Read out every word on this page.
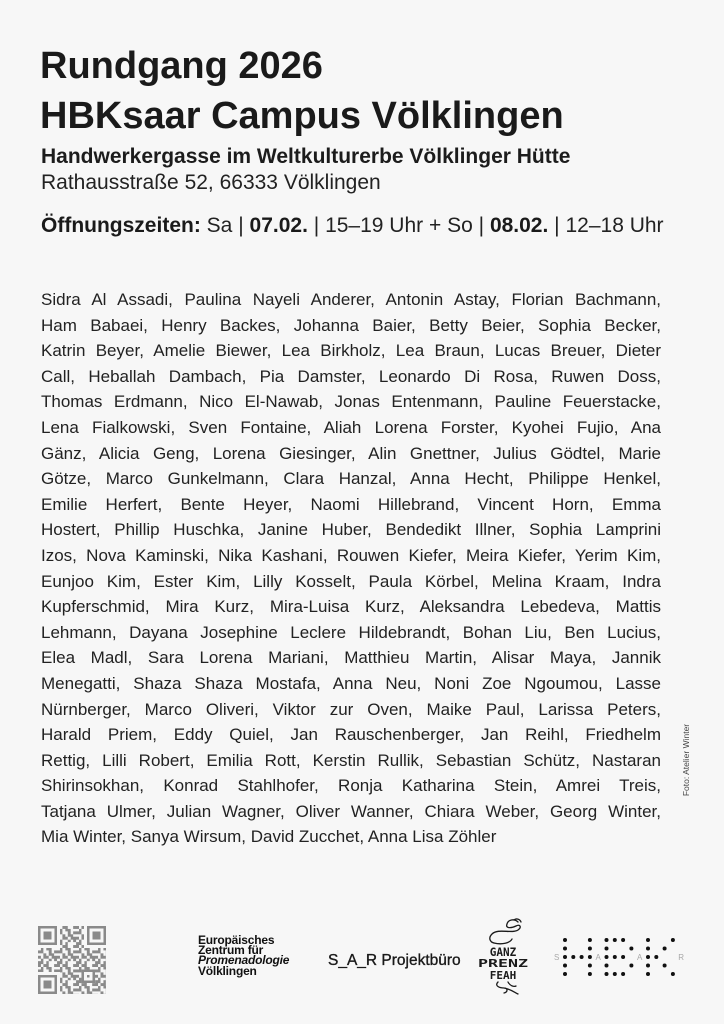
Rundgang 2026
HBKsaar Campus Völklingen
Handwerkergasse im Weltkulturerbe Völklinger Hütte
Rathausstraße 52, 66333 Völklingen
Öffnungszeiten: Sa | 07.02. | 15–19 Uhr + So | 08.02. | 12–18 Uhr
Sidra Al Assadi, Paulina Nayeli Anderer, Antonin Astay, Florian Bachmann,
Ham Babaei, Henry Backes, Johanna Baier, Betty Beier, Sophia Becker,
Katrin Beyer, Amelie Biewer, Lea Birkholz, Lea Braun, Lucas Breuer, Dieter
Call, Heballah Dambach, Pia Damster, Leonardo Di Rosa, Ruwen Doss,
Thomas Erdmann, Nico El-Nawab, Jonas Entenmann, Pauline Feuerstacke,
Lena Fialkowski, Sven Fontaine, Aliah Lorena Forster, Kyohei Fujio, Ana
Gänz, Alicia Geng, Lorena Giesinger, Alin Gnettner, Julius Gödtel, Marie
Götze, Marco Gunkelmann, Clara Hanzal, Anna Hecht, Philippe Henkel,
Emilie Herfert, Bente Heyer, Naomi Hillebrand, Vincent Horn, Emma
Hostert, Phillip Huschka, Janine Huber, Bendedikt Illner, Sophia Lamprini
Izos, Nova Kaminski, Nika Kashani, Rouwen Kiefer, Meira Kiefer, Yerim Kim,
Eunjoo Kim, Ester Kim, Lilly Kosselt, Paula Körbel, Melina Kraam, Indra
Kupferschmid, Mira Kurz, Mira-Luisa Kurz, Aleksandra Lebedeva, Mattis
Lehmann, Dayana Josephine Leclere Hildebrandt, Bohan Liu, Ben Lucius,
Elea Madl, Sara Lorena Mariani, Matthieu Martin, Alisar Maya, Jannik
Menegatti, Shaza Shaza Mostafa, Anna Neu, Noni Zoe Ngoumou, Lasse
Nürnberger, Marco Oliveri, Viktor zur Oven, Maike Paul, Larissa Peters,
Harald Priem, Eddy Quiel, Jan Rauschenberger, Jan Reihl, Friedhelm
Rettig, Lilli Robert, Emilia Rott, Kerstin Rullik, Sebastian Schütz, Nastaran
Shirinsokhan, Konrad Stahlhofer, Ronja Katharina Stein, Amrei Treis,
Tatjana Ulmer, Julian Wagner, Oliver Wanner, Chiara Weber, Georg Winter,
Mia Winter, Sanya Wirsum, David Zucchet, Anna Lisa Zöhler
Foto: Atelier Winter
Europäisches
Zentrum für
Promenadologie
Völklingen
S_A_R Projektbüro	GANZ
PRENZ
FEAH
S	A	A	R
